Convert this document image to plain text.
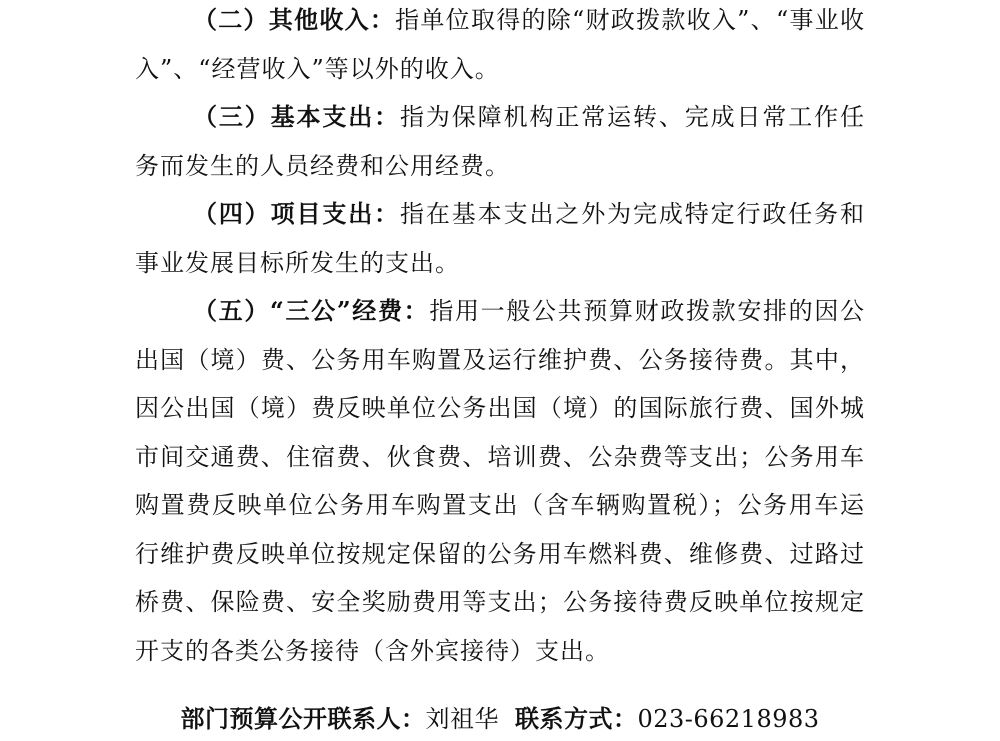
（二）其他收入：指单位取得的除“财政拨款收入”、“事业收入”、“经营收入”等以外的收入。

（三）基本支出：指为保障机构正常运转、完成日常工作任务而发生的人员经费和公用经费。

（四）项目支出：指在基本支出之外为完成特定行政任务和事业发展目标所发生的支出。

（五）“三公”经费：指用一般公共预算财政拨款安排的因公出国（境）费、公务用车购置及运行维护费、公务接待费。其中，因公出国（境）费反映单位公务出国（境）的国际旅行费、国外城市间交通费、住宿费、伙食费、培训费、公杂费等支出；公务用车购置费反映单位公务用车购置支出（含车辆购置税）；公务用车运行维护费反映单位按规定保留的公务用车燃料费、维修费、过路过桥费、保险费、安全奖励费用等支出；公务接待费反映单位按规定开支的各类公务接待（含外宾接待）支出。

部门预算公开联系人：刘祖华 联系方式：023-66218983
